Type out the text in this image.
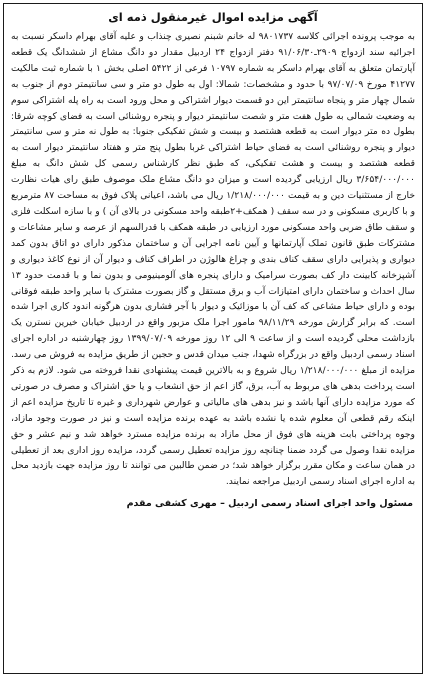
آگهی مزایده اموال غیرمنقول ذمه ای
به موجب پرونده اجرائی کلاسه ۹۸۰۱۷۳۷ له خانم شبنم نصیری چنذاب و علیه آقای بهرام داسکر نسبت به اجرائیه سند ازدواج ۲۹۰۹ـ۹۱/۰۶/۳۰ دفتر ازدواج ۲۴ اردبیل مقدار دو دانگ مشاع از ششدانگ یک قطعه آپارتمان متعلق به آقای بهرام داسکر به شماره ۱۰۷۹۷ فرعی از ۵۴۲۲ اصلی بخش ۱ با شماره ثبت مالکیت ۴۱۲۷۷ مورخ ۹۷/۰۷/۰۹ با حدود و مشخصات: شمالا: اول به طول دو متر و سی سانتیمتر دوم از جنوب به شمال چهار متر و پنجاه سانتیمتر این دو قسمت دیوار اشتراکی و محل ورود است به راه پله اشتراکی سوم به وضعیت شمالی به طول هفت متر و شصت سانتیمتر دیوار و پنجره روشنائی است به فضای کوچه شرقا: بطول ده متر دیوار است به قطعه هشتصد و بیست و شش تفکیکی جنوبا: به طول نه متر و سی سانتیمتر دیوار و پنجره روشنائی است به فضای حیاط اشتراکی غربا بطول پنج متر و هفتاد سانتیمتر دیوار است به قطعه هشتصد و بیست و هشت تفکیکی، که طبق نظر کارشناس رسمی کل شش دانگ به مبلغ ۳/۶۵۴/۰۰۰/۰۰۰ ریال ارزیابی گردیده است و میزان دو دانگ مشاع ملک موصوف طبق رای هیات نظارت خارج از مستثنیات دین و به قیمت ۱/۲۱۸/۰۰۰/۰۰۰ ریال می باشد، اعیانی پلاک فوق به مساحت ۸۷ مترمربع و با کاربری مسکونی و در سه سقف ( همکف+۲طبقه واحد مسکونی در بالای آن ) و با سازه اسکلت فلزی و سقف طاق ضربی واحد مسکونی مورد ارزیابی در طبقه همکف با قدرالسهم از عرصه و سایر مشاعات و مشترکات طبق قانون تملک آپارتمانها و آیین نامه اجرایی آن و ساختمان مذکور دارای دو اتاق بدون کمد دیواری و پذیرایی دارای سقف کناف بندی و چراغ هالوژن در اطراف کناف و دیوار آن از نوع کاغذ دیواری و آشپزخانه کابینت دار کف بصورت سرامیک و دارای پنجره های آلومینیومی و بدون نما و با قدمت حدود ۱۳ سال احداث و ساختمان دارای امتیازات آب و برق مستقل و گاز بصورت مشترک با سایر واحد طبقه فوقانی بوده و دارای حیاط مشاعی که کف آن با موزائیک و دیوار با آجر فشاری بدون هرگونه اندود کاری اجرا شده است. که برابر گزارش مورخه ۹۸/۱۱/۲۹ مامور اجرا ملک مزبور واقع در اردبیل خیابان خیرین نسترن یک بازداشت محلی گردیده است و از ساعت ۹ الی ۱۲ روز مورخه ۱۳۹۹/۰۷/۰۹ روز چهارشنبه در اداره اجرای اسناد رسمی اردبیل واقع در بزرگراه شهدا، جنب میدان قدس و حجین از طریق مزایده به فروش می رسد. مزایده از مبلغ ۱/۲۱۸/۰۰۰/۰۰۰ ریال شروع و به بالاترین قیمت پیشنهادی نقدا فروخته می شود. لازم به ذکر است پرداخت بدهی های مربوط به آب، برق، گاز اعم از حق انشعاب و یا حق اشتراک و مصرف در صورتی که مورد مزایده دارای آنها باشد و نیز بدهی های مالیاتی و عوارض شهرداری و غیره تا تاریخ مزایده اعم از اینکه رقم قطعی آن معلوم شده یا نشده باشد به عهده برنده مزایده است و نیز در صورت وجود مازاد، وجوه پرداختی بابت هزینه های فوق از محل مازاد به برنده مزایده مسترد خواهد شد و نیم عشر و حق مزایده نقدا وصول می گردد ضمنا چنانچه روز مزایده تعطیل رسمی گردد، مزایده روز اداری بعد از تعطیلی در همان ساعت و مکان مقرر برگزار خواهد شد؛ در ضمن طالبین می توانند تا روز مزایده جهت بازدید محل به اداره اجرای اسناد رسمی اردبیل مراجعه نمایند.
مسئول واحد اجرای اسناد رسمی اردبیل – مهری کشفی مقدم
